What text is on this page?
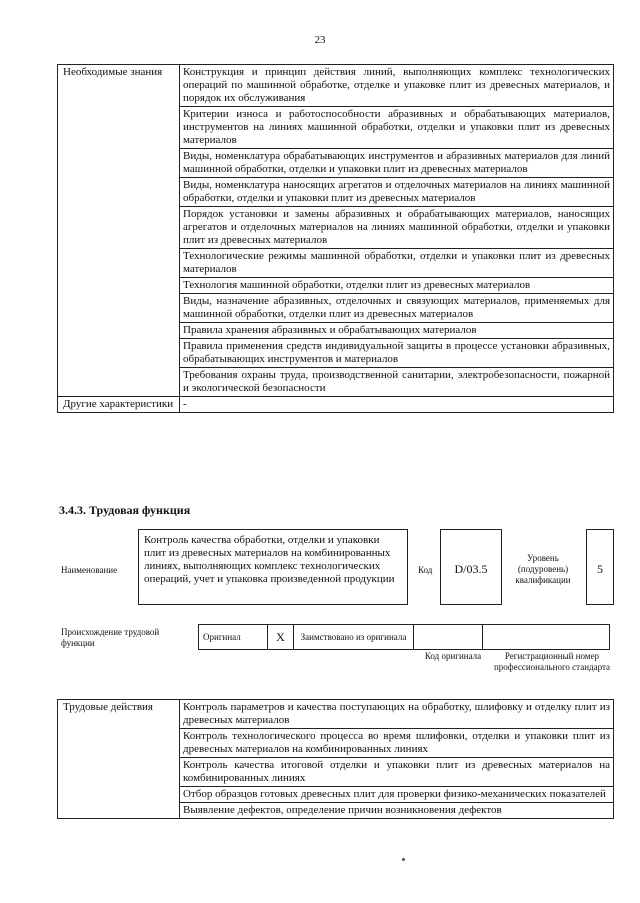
23
Необходимые знания	Конструкция и принцип действия линий, выполняющих комплекс технологических операций по машинной обработке, отделке и упаковке плит из древесных материалов, и порядок их обслуживания
	Критерии износа и работоспособности абразивных и обрабатывающих материалов, инструментов на линиях машинной обработки, отделки и упаковки плит из древесных материалов
	Виды, номенклатура обрабатывающих инструментов и абразивных материалов для линий машинной обработки, отделки и упаковки плит из древесных материалов
	Виды, номенклатура наносящих агрегатов и отделочных материалов на линиях машинной обработки, отделки и упаковки плит из древесных материалов
	Порядок установки и замены абразивных и обрабатывающих материалов, наносящих агрегатов и отделочных материалов на линиях машинной обработки, отделки и упаковки плит из древесных материалов
	Технологические режимы машинной обработки, отделки и упаковки плит из древесных материалов
	Технология машинной обработки, отделки плит из древесных материалов
	Виды, назначение абразивных, отделочных и связующих материалов, применяемых для машинной обработки, отделки плит из древесных материалов
	Правила хранения абразивных и обрабатывающих материалов
	Правила применения средств индивидуальной защиты в процессе установки абразивных, обрабатывающих инструментов и материалов
	Требования охраны труда, производственной санитарии, электробезопасности, пожарной и экологической безопасности
Другие характеристики	-
3.4.3. Трудовая функция
Наименование
Контроль качества обработки, отделки и упаковки плит из древесных материалов на комбинированных линиях, выполняющих комплекс технологических операций, учет и упаковка произведенной продукции
Код	D/03.5
Уровень (подуровень) квалификации
5
Происхождение трудовой функции
Оригинал	X	Заимствовано из оригинала		
Код оригинала	Регистрационный номер профессионального стандарта
Трудовые действия	Контроль параметров и качества поступающих на обработку, шлифовку и отделку плит из древесных материалов
Контроль технологического процесса во время шлифовки, отделки и упаковки плит из древесных материалов на комбинированных линиях
Контроль качества итоговой отделки и упаковки плит из древесных материалов на комбинированных линиях
Отбор образцов готовых древесных плит для проверки физико-механических показателей
Выявление дефектов, определение причин возникновения дефектов
